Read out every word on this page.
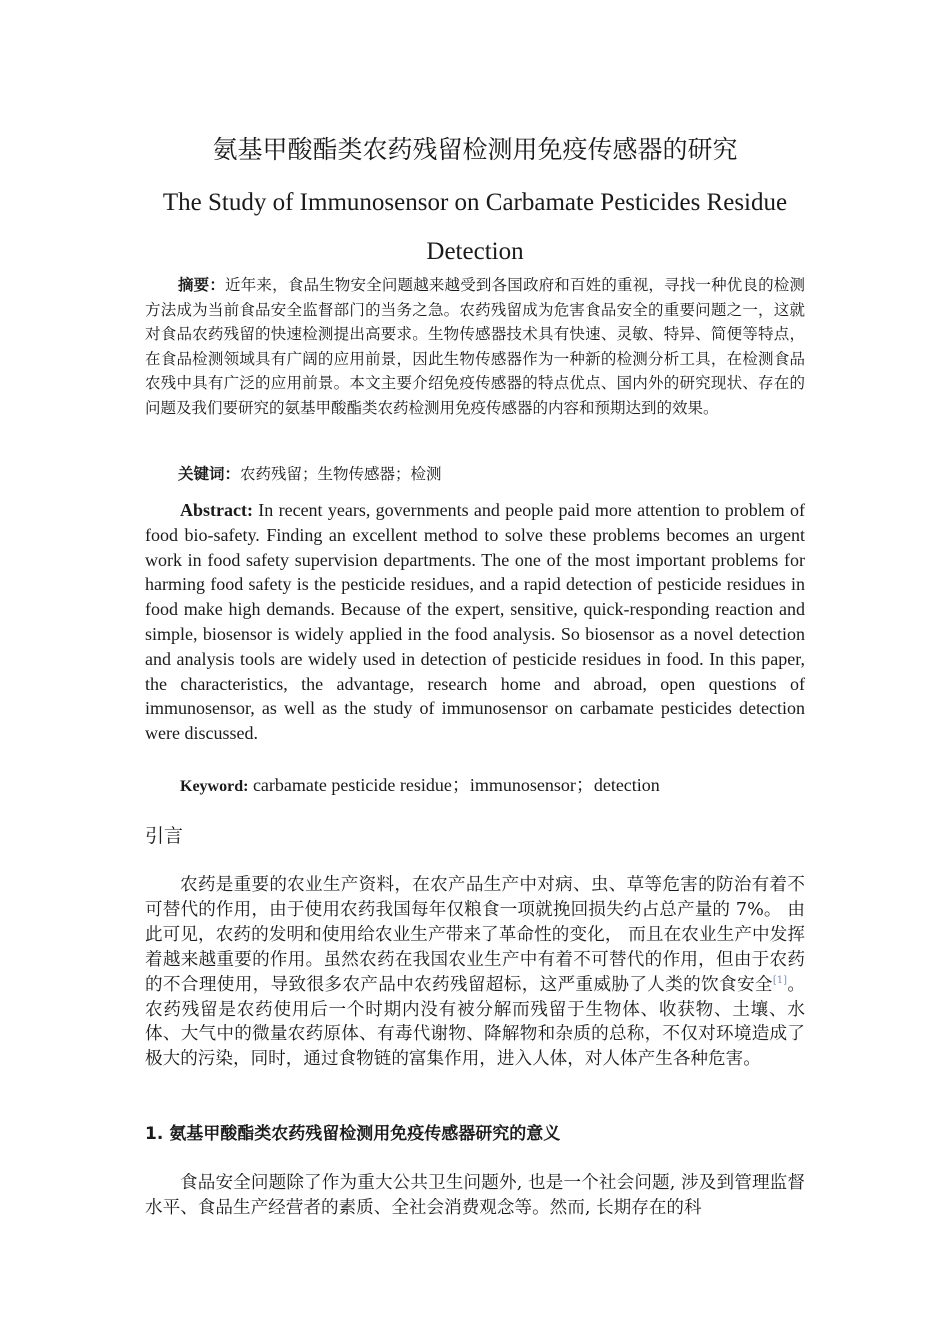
氨基甲酸酯类农药残留检测用免疫传感器的研究
The Study of Immunosensor on Carbamate Pesticides Residue Detection
摘要：近年来，食品生物安全问题越来越受到各国政府和百姓的重视，寻找一种优良的检测方法成为当前食品安全监督部门的当务之急。农药残留成为危害食品安全的重要问题之一，这就对食品农药残留的快速检测提出高要求。生物传感器技术具有快速、灵敏、特异、简便等特点，在食品检测领域具有广阔的应用前景，因此生物传感器作为一种新的检测分析工具，在检测食品农残中具有广泛的应用前景。本文主要介绍免疫传感器的特点优点、国内外的研究现状、存在的问题及我们要研究的氨基甲酸酯类农药检测用免疫传感器的内容和预期达到的效果。
关键词：农药残留；生物传感器；检测
Abstract: In recent years, governments and people paid more attention to problem of food bio-safety. Finding an excellent method to solve these problems becomes an urgent work in food safety supervision departments. The one of the most important problems for harming food safety is the pesticide residues, and a rapid detection of pesticide residues in food make high demands. Because of the expert, sensitive, quick-responding reaction and simple, biosensor is widely applied in the food analysis. So biosensor as a novel detection and analysis tools are widely used in detection of pesticide residues in food. In this paper, the characteristics, the advantage, research home and abroad, open questions of immunosensor, as well as the study of immunosensor on carbamate pesticides detection were discussed.
Keyword: carbamate pesticide residue；immunosensor；detection
引言
农药是重要的农业生产资料，在农产品生产中对病、虫、草等危害的防治有着不可替代的作用，由于使用农药我国每年仅粮食一项就挽回损失约占总产量的 7%。 由此可见，农药的发明和使用给农业生产带来了革命性的变化， 而且在农业生产中发挥着越来越重要的作用。虽然农药在我国农业生产中有着不可替代的作用，但由于农药的不合理使用，导致很多农产品中农药残留超标，这严重威胁了人类的饮食安全[1]。农药残留是农药使用后一个时期内没有被分解而残留于生物体、收获物、土壤、水体、大气中的微量农药原体、有毒代谢物、降解物和杂质的总称，不仅对环境造成了极大的污染，同时，通过食物链的富集作用，进入人体，对人体产生各种危害。
1. 氨基甲酸酯类农药残留检测用免疫传感器研究的意义
食品安全问题除了作为重大公共卫生问题外, 也是一个社会问题, 涉及到管理监督水平、食品生产经营者的素质、全社会消费观念等。然而, 长期存在的科
